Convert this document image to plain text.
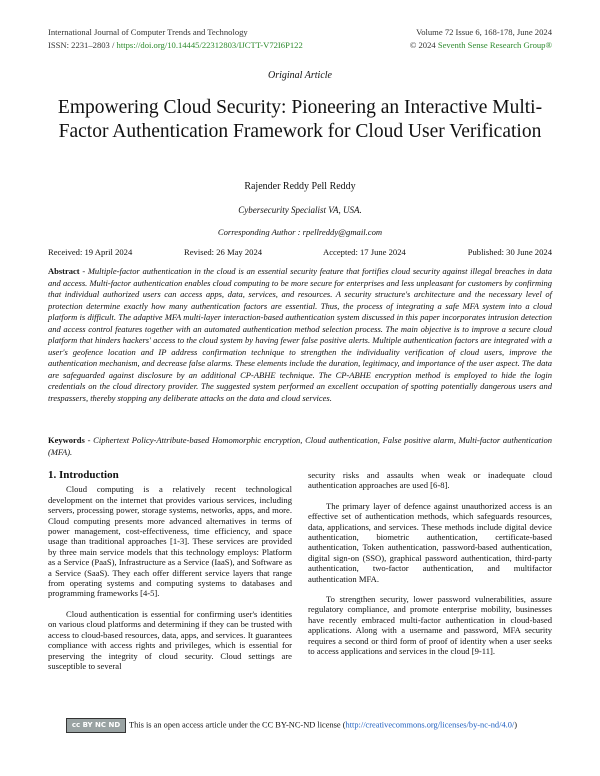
International Journal of Computer Trends and Technology
ISSN: 2231–2803 / https://doi.org/10.14445/22312803/IJCTT-V72I6P122
Volume 72 Issue 6, 168-178, June 2024
© 2024 Seventh Sense Research Group®
Original Article
Empowering Cloud Security: Pioneering an Interactive Multi-Factor Authentication Framework for Cloud User Verification
Rajender Reddy Pell Reddy
Cybersecurity Specialist VA, USA.
Corresponding Author : rpellreddy@gmail.com
Received: 19 April 2024	Revised: 26 May 2024	Accepted: 17 June 2024	Published: 30 June 2024
Abstract - Multiple-factor authentication in the cloud is an essential security feature that fortifies cloud security against illegal breaches in data and access. Multi-factor authentication enables cloud computing to be more secure for enterprises and less unpleasant for customers by confirming that individual authorized users can access apps, data, services, and resources. A security structure's architecture and the necessary level of protection determine exactly how many authentication factors are essential. Thus, the process of integrating a safe MFA system into a cloud platform is difficult. The adaptive MFA multi-layer interaction-based authentication system discussed in this paper incorporates intrusion detection and access control features together with an automated authentication method selection process. The main objective is to improve a secure cloud platform that hinders hackers' access to the cloud system by having fewer false positive alerts. Multiple authentication factors are integrated with a user's geofence location and IP address confirmation technique to strengthen the individuality verification of cloud users, improve the authentication mechanism, and decrease false alarms. These elements include the duration, legitimacy, and importance of the user aspect. The data are safeguarded against disclosure by an additional CP-ABHE technique. The CP-ABHE encryption method is employed to hide the login credentials on the cloud directory provider. The suggested system performed an excellent occupation of spotting potentially dangerous users and trespassers, thereby stopping any deliberate attacks on the data and cloud services.
Keywords - Ciphertext Policy-Attribute-based Homomorphic encryption, Cloud authentication, False positive alarm, Multi-factor authentication (MFA).
1. Introduction

Cloud computing is a relatively recent technological development on the internet that provides various services, including servers, processing power, storage systems, networks, apps, and more. Cloud computing presents more advanced alternatives in terms of power management, cost-effectiveness, time efficiency, and space usage than traditional approaches [1-3]. These services are provided by three main service models that this technology employs: Platform as a Service (PaaS), Infrastructure as a Service (IaaS), and Software as a Service (SaaS). They each offer different service layers that range from operating systems and computing systems to databases and programming frameworks [4-5].

Cloud authentication is essential for confirming user's identities on various cloud platforms and determining if they can be trusted with access to cloud-based resources, data, apps, and services. It guarantees compliance with access rights and privileges, which is essential for preserving the integrity of cloud security. Cloud settings are susceptible to several

security risks and assaults when weak or inadequate cloud authentication approaches are used [6-8].

The primary layer of defence against unauthorized access is an effective set of authentication methods, which safeguards resources, data, applications, and services. These methods include digital device authentication, biometric authentication, certificate-based authentication, Token authentication, password-based authentication, digital sign-on (SSO), graphical password authentication, third-party authentication, two-factor authentication, and multifactor authentication MFA.

To strengthen security, lower password vulnerabilities, assure regulatory compliance, and promote enterprise mobility, businesses have recently embraced multi-factor authentication in cloud-based applications. Along with a username and password, MFA security requires a second or third form of proof of identity when a user seeks to access applications and services in the cloud [9-11].

cc BY NC ND This is an open access article under the CC BY-NC-ND license (http://creativecommons.org/licenses/by-nc-nd/4.0/)
